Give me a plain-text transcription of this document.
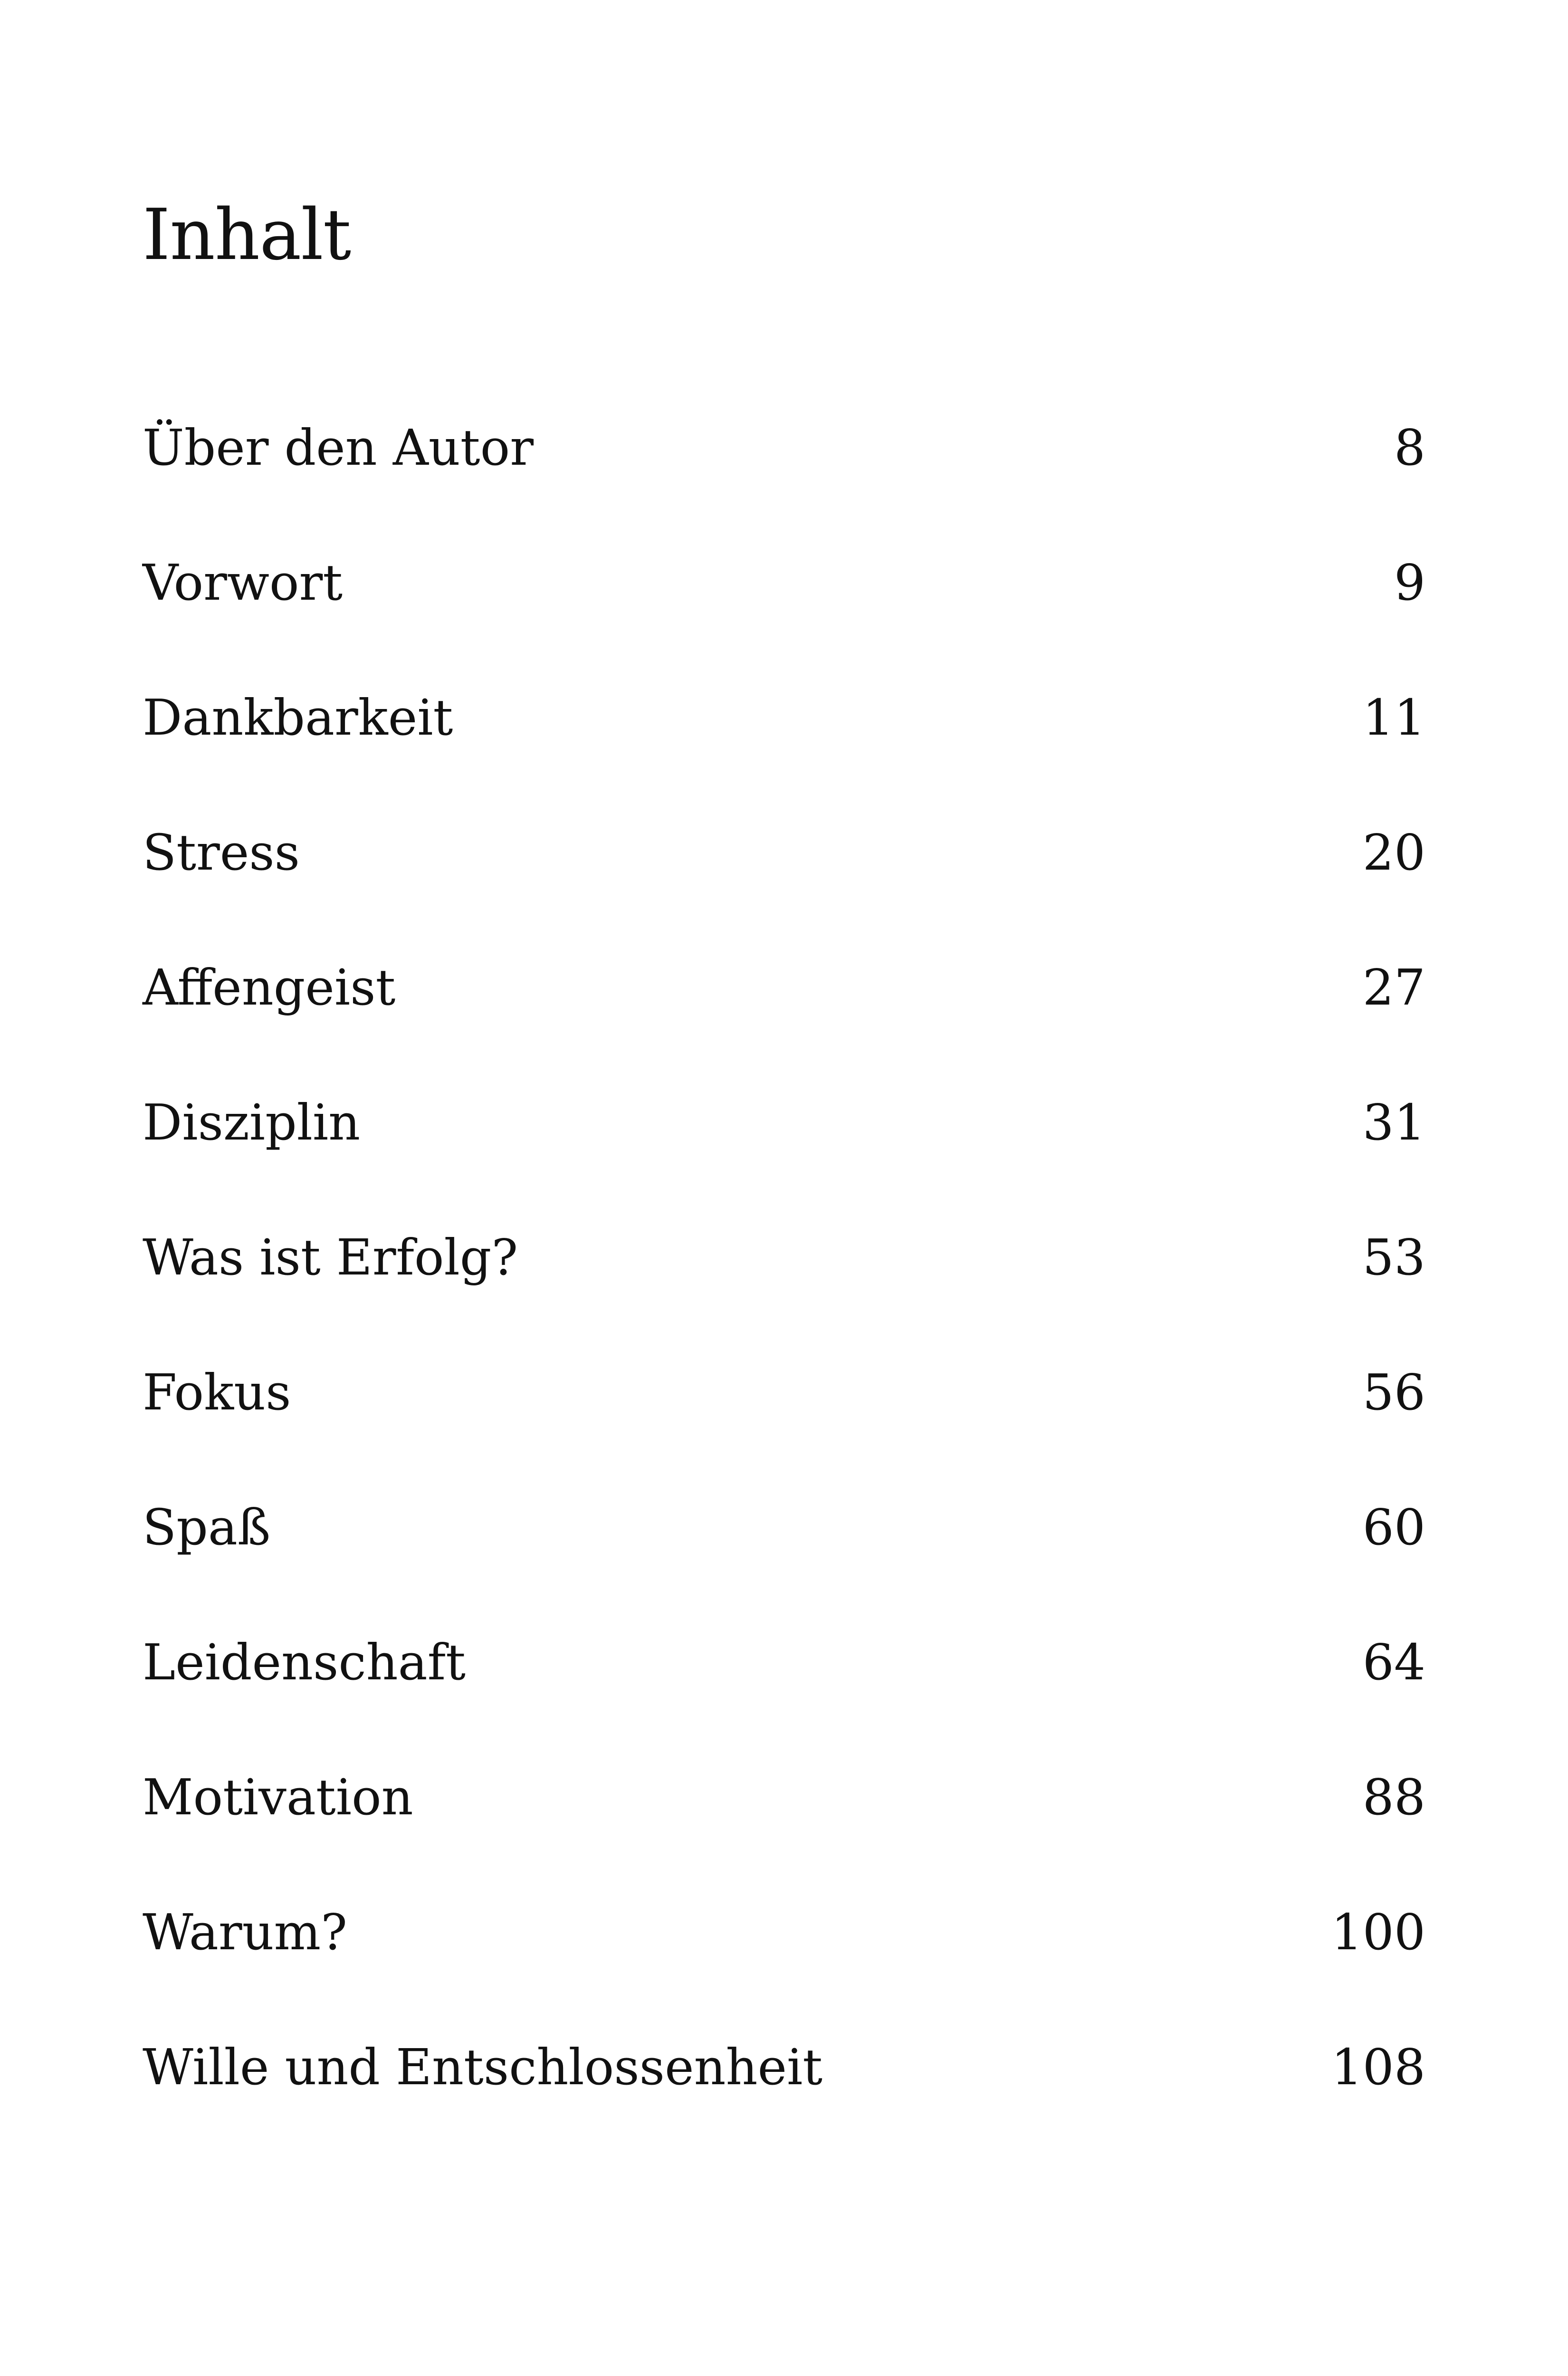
Inhalt
Über den Autor	8
Vorwort	9
Dankbarkeit	11
Stress	20
Affengeist	27
Disziplin	31
Was ist Erfolg?	53
Fokus	56
Spaß	60
Leidenschaft	64
Motivation	88
Warum?	100
Wille und Entschlossenheit	108
